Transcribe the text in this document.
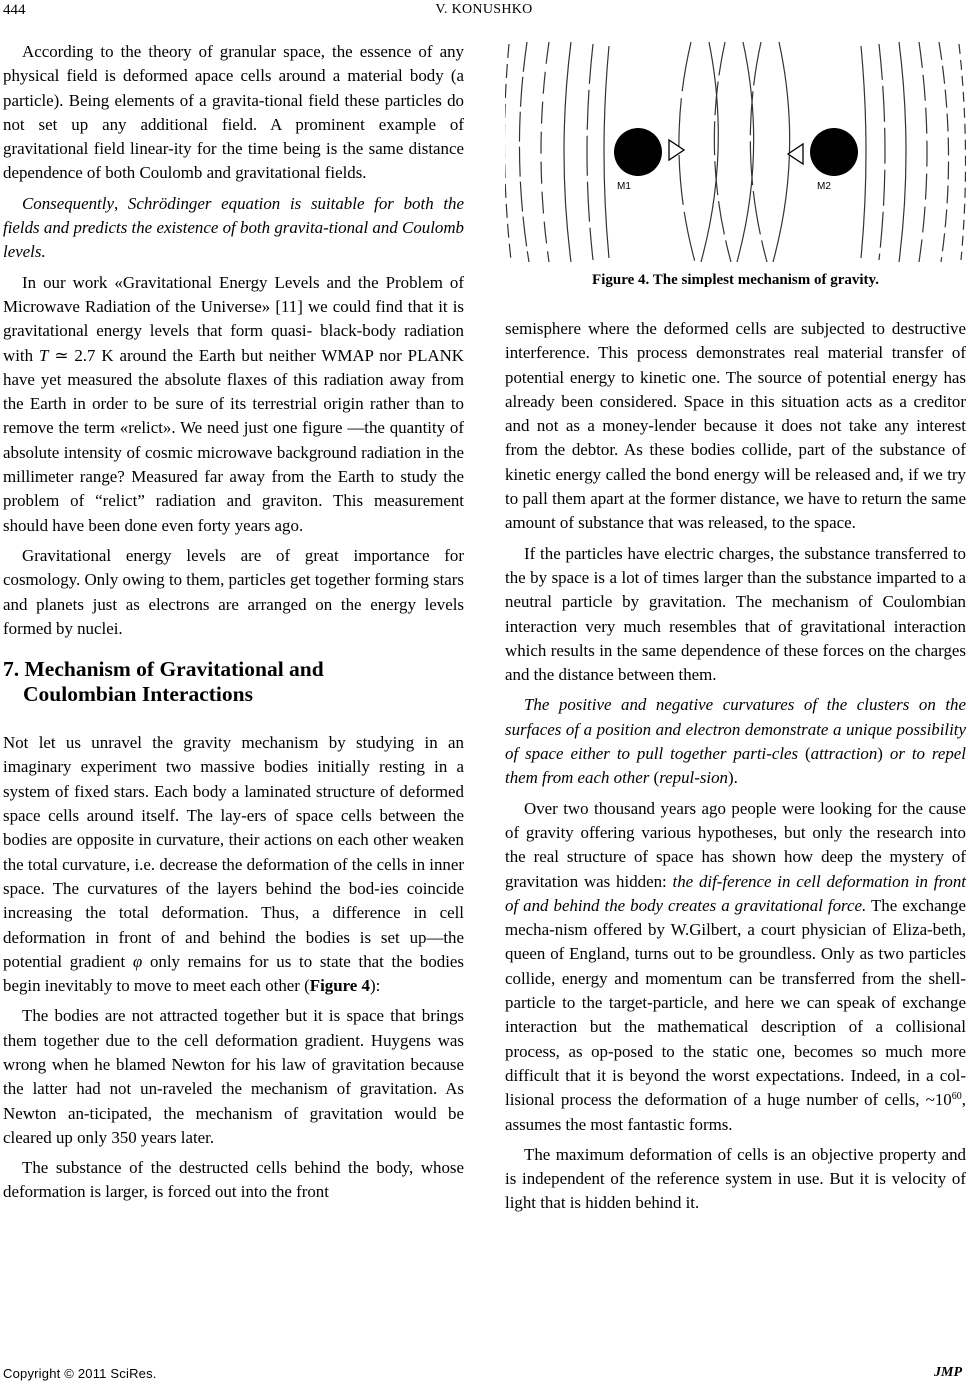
444	V. KONUSHKO

According to the theory of granular space, the essence of any physical field is deformed apace cells around a material body (a particle). Being elements of a gravita-tional field these particles do not set up any additional field. A prominent example of gravitational field linear-ity for the time being is the same distance dependence of both Coulomb and gravitational fields.

Consequently, Schrödinger equation is suitable for both the fields and predicts the existence of both gravita-tional and Coulomb levels.

In our work «Gravitational Energy Levels and the Problem of Microwave Radiation of the Universe» [11] we could find that it is gravitational energy levels that form quasi- black-body radiation with T ≃ 2.7 K around the Earth but neither WMAP nor PLANK have yet measured the absolute flaxes of this radiation away from the Earth in order to be sure of its terrestrial origin rather than to remove the term «relict». We need just one figure —the quantity of absolute intensity of cosmic microwave background radiation in the millimeter range? Measured far away from the Earth to study the problem of “relict” radiation and graviton. This measurement should have been done even forty years ago.

Gravitational energy levels are of great importance for cosmology. Only owing to them, particles get together forming stars and planets just as electrons are arranged on the energy levels formed by nuclei.

7. Mechanism of Gravitational and
Coulombian Interactions

Not let us unravel the gravity mechanism by studying in an imaginary experiment two massive bodies initially resting in a system of fixed stars. Each body a laminated structure of deformed space cells around itself. The lay-ers of space cells between the bodies are opposite in curvature, their actions on each other weaken the total curvature, i.e. decrease the deformation of the cells in inner space. The curvatures of the layers behind the bod-ies coincide increasing the total deformation. Thus, a difference in cell deformation in front of and behind the bodies is set up—the potential gradient φ only remains for us to state that the bodies begin inevitably to move to meet each other (Figure 4):

The bodies are not attracted together but it is space that brings them together due to the cell deformation gradient. Huygens was wrong when he blamed Newton for his law of gravitation because the latter had not un-raveled the mechanism of gravitation. As Newton an-ticipated, the mechanism of gravitation would be cleared up only 350 years later.

The substance of the destructed cells behind the body, whose deformation is larger, is forced out into the front

M1	M2
Figure 4. The simplest mechanism of gravity.

semisphere where the deformed cells are subjected to destructive interference. This process demonstrates real material transfer of potential energy to kinetic one. The source of potential energy has already been considered. Space in this situation acts as a creditor and not as a money-lender because it does not take any interest from the debtor. As these bodies collide, part of the substance of kinetic energy called the bond energy will be released and, if we try to pall them apart at the former distance, we have to return the same amount of substance that was released, to the space.

If the particles have electric charges, the substance transferred to the by space is a lot of times larger than the substance imparted to a neutral particle by gravitation. The mechanism of Coulombian interaction very much resembles that of gravitational interaction which results in the same dependence of these forces on the charges and the distance between them.

The positive and negative curvatures of the clusters on the surfaces of a position and electron demonstrate a unique possibility of space either to pull together parti-cles (attraction) or to repel them from each other (repul-sion).

Over two thousand years ago people were looking for the cause of gravity offering various hypotheses, but only the research into the real structure of space has shown how deep the mystery of gravitation was hidden: the dif-ference in cell deformation in front of and behind the body creates a gravitational force. The exchange mecha-nism offered by W.Gilbert, a court physician of Eliza-beth, queen of England, turns out to be groundless. Only as two particles collide, energy and momentum can be transferred from the shell-particle to the target-particle, and here we can speak of exchange interaction but the mathematical description of a collisional process, as op-posed to the static one, becomes so much more difficult that it is beyond the worst expectations. Indeed, in a col-lisional process the deformation of a huge number of cells, $\sim 10^{60}$, assumes the most fantastic forms.

The maximum deformation of cells is an objective property and is independent of the reference system in use. But it is velocity of light that is hidden behind it.

Copyright © 2011 SciRes.	JMP
